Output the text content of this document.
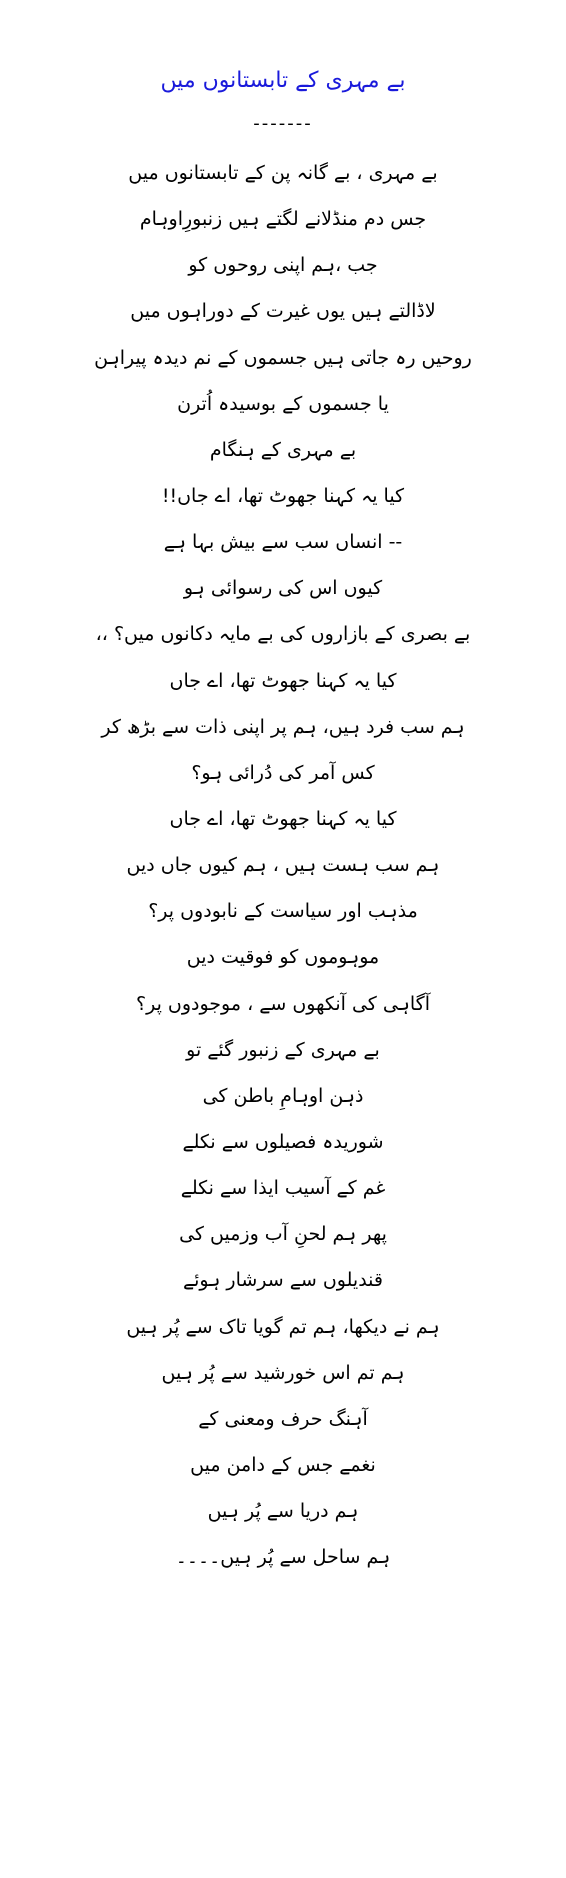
بے مہری کے تابستانوں میں
-------
بے مہری ، بے گانہ پن کے تابستانوں میں
جس دم منڈلانے لگتے ہیں زنبورِاوہام
جب ،ہم اپنی روحوں کو
لاڈالتے ہیں یوں غیرت کے دوراہوں میں
روحیں رہ جاتی ہیں جسموں کے نم دیدہ پیراہن
یا جسموں کے بوسیدہ اُترن
بے مہری کے ہنگام
کیا یہ کہنا جھوٹ تھا، اے جاں!!
-- انساں سب سے بیش بہا ہے
کیوں اس کی رسوائی ہو
بے بصری کے بازاروں کی بے مایہ دکانوں میں؟ ،،
کیا یہ کہنا جھوٹ تھا، اے جاں
ہم سب فرد ہیں، ہم پر اپنی ذات سے بڑھ کر
کس آمر کی دُرائی ہو؟
کیا یہ کہنا جھوٹ تھا، اے جاں
ہم سب ہست ہیں ، ہم کیوں جاں دیں
مذہب اور سیاست کے نابودوں پر؟
موہوموں کو فوقیت دیں
آگاہی کی آنکھوں سے ، موجودوں پر؟
بے مہری کے زنبور گئے تو
ذہن اوہامِ باطن کی
شوریدہ فصیلوں سے نکلے
غم کے آسیب ایذا سے نکلے
پھر ہم لحنِ آب وزمیں کی
قندیلوں سے سرشار ہوئے
ہم نے دیکھا، ہم تم گویا تاک سے پُر ہیں
ہم تم اس خورشید سے پُر ہیں
آہنگ حرف ومعنی کے
نغمے جس کے دامن میں
ہم دریا سے پُر ہیں
ہم ساحل سے پُر ہیں۔۔۔۔
